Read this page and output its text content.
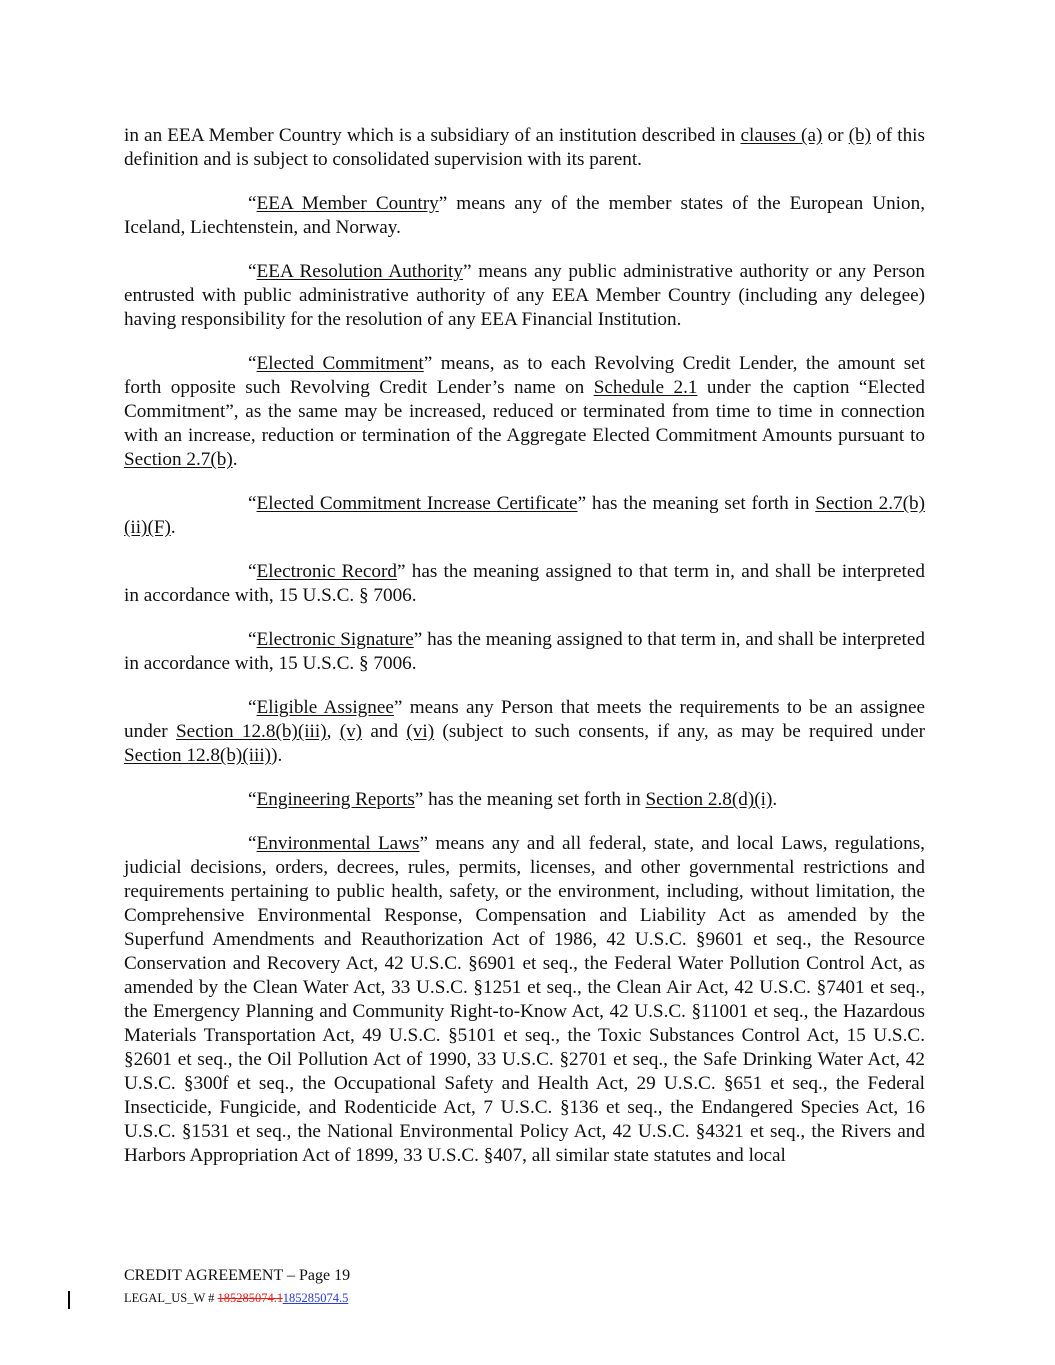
in an EEA Member Country which is a subsidiary of an institution described in clauses (a) or (b) of this definition and is subject to consolidated supervision with its parent.

“EEA Member Country” means any of the member states of the European Union, Iceland, Liechtenstein, and Norway.

“EEA Resolution Authority” means any public administrative authority or any Person entrusted with public administrative authority of any EEA Member Country (including any delegee) having responsibility for the resolution of any EEA Financial Institution.

“Elected Commitment” means, as to each Revolving Credit Lender, the amount set forth opposite such Revolving Credit Lender’s name on Schedule 2.1 under the caption “Elected Commitment”, as the same may be increased, reduced or terminated from time to time in connection with an increase, reduction or termination of the Aggregate Elected Commitment Amounts pursuant to Section 2.7(b).

“Elected Commitment Increase Certificate” has the meaning set forth in Section 2.7(b)(ii)(F).

“Electronic Record” has the meaning assigned to that term in, and shall be interpreted in accordance with, 15 U.S.C. § 7006.

“Electronic Signature” has the meaning assigned to that term in, and shall be interpreted in accordance with, 15 U.S.C. § 7006.

“Eligible Assignee” means any Person that meets the requirements to be an assignee under Section 12.8(b)(iii), (v) and (vi) (subject to such consents, if any, as may be required under Section 12.8(b)(iii)).

“Engineering Reports” has the meaning set forth in Section 2.8(d)(i).

“Environmental Laws” means any and all federal, state, and local Laws, regulations, judicial decisions, orders, decrees, rules, permits, licenses, and other governmental restrictions and requirements pertaining to public health, safety, or the environment, including, without limitation, the Comprehensive Environmental Response, Compensation and Liability Act as amended by the Superfund Amendments and Reauthorization Act of 1986, 42 U.S.C. §9601 et seq., the Resource Conservation and Recovery Act, 42 U.S.C. §6901 et seq., the Federal Water Pollution Control Act, as amended by the Clean Water Act, 33 U.S.C. §1251 et seq., the Clean Air Act, 42 U.S.C. §7401 et seq., the Emergency Planning and Community Right-to-Know Act, 42 U.S.C. §11001 et seq., the Hazardous Materials Transportation Act, 49 U.S.C. §5101 et seq., the Toxic Substances Control Act, 15 U.S.C. §2601 et seq., the Oil Pollution Act of 1990, 33 U.S.C. §2701 et seq., the Safe Drinking Water Act, 42 U.S.C. §300f et seq., the Occupational Safety and Health Act, 29 U.S.C. §651 et seq., the Federal Insecticide, Fungicide, and Rodenticide Act, 7 U.S.C. §136 et seq., the Endangered Species Act, 16 U.S.C. §1531 et seq., the National Environmental Policy Act, 42 U.S.C. §4321 et seq., the Rivers and Harbors Appropriation Act of 1899, 33 U.S.C. §407, all similar state statutes and local

CREDIT AGREEMENT – Page 19
LEGAL_US_W # 185285074.1185285074.5
